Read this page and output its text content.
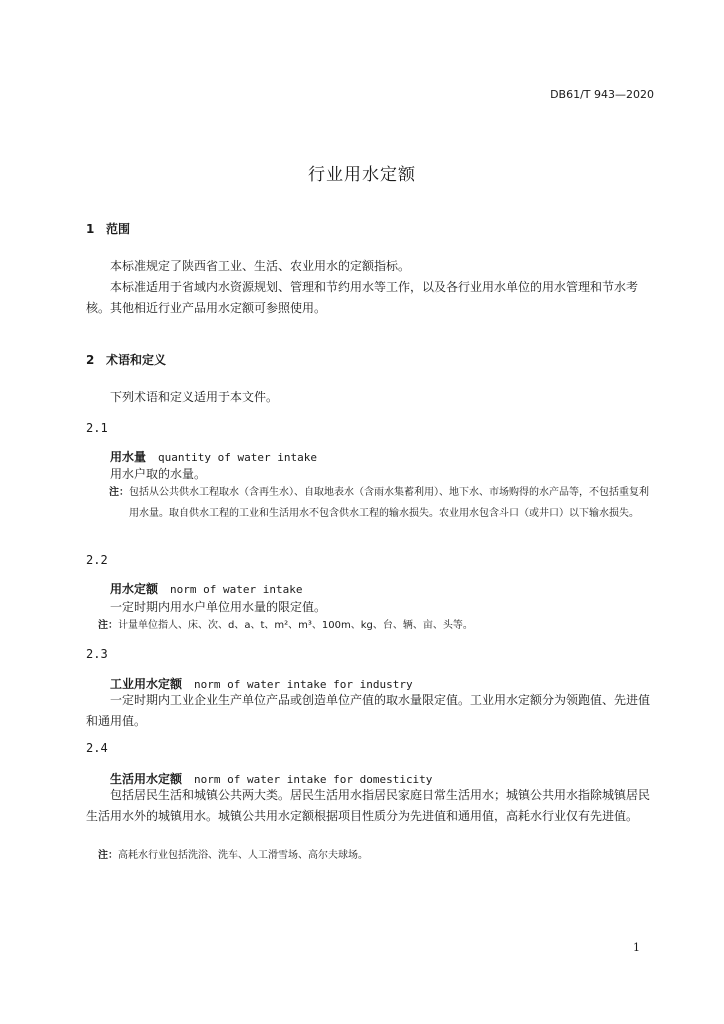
DB61/T 943—2020
行业用水定额
1 范围

本标准规定了陕西省工业、生活、农业用水的定额指标。

本标准适用于省域内水资源规划、管理和节约用水等工作，以及各行业用水单位的用水管理和节水考核。其他相近行业产品用水定额可参照使用。

2 术语和定义

下列术语和定义适用于本文件。

2.1
用水量 quantity of water intake
用水户取的水量。
注： 包括从公共供水工程取水（含再生水）、自取地表水（含雨水集蓄利用）、地下水、市场购得的水产品等，不包括重复利用水量。取自供水工程的工业和生活用水不包含供水工程的输水损失。农业用水包含斗口（或井口）以下输水损失。
2.2
用水定额 norm of water intake
一定时期内用水户单位用水量的限定值。
注： 计量单位指人、床、次、d、a、t、m²、m³、100m、kg、台、辆、亩、头等。
2.3
工业用水定额 norm of water intake for industry

一定时期内工业企业生产单位产品或创造单位产值的取水量限定值。工业用水定额分为领跑值、先进值和通用值。

2.4
生活用水定额 norm of water intake for domesticity

包括居民生活和城镇公共两大类。居民生活用水指居民家庭日常生活用水；城镇公共用水指除城镇居民生活用水外的城镇用水。城镇公共用水定额根据项目性质分为先进值和通用值，高耗水行业仅有先进值。

注： 高耗水行业包括洗浴、洗车、人工滑雪场、高尔夫球场。
1
